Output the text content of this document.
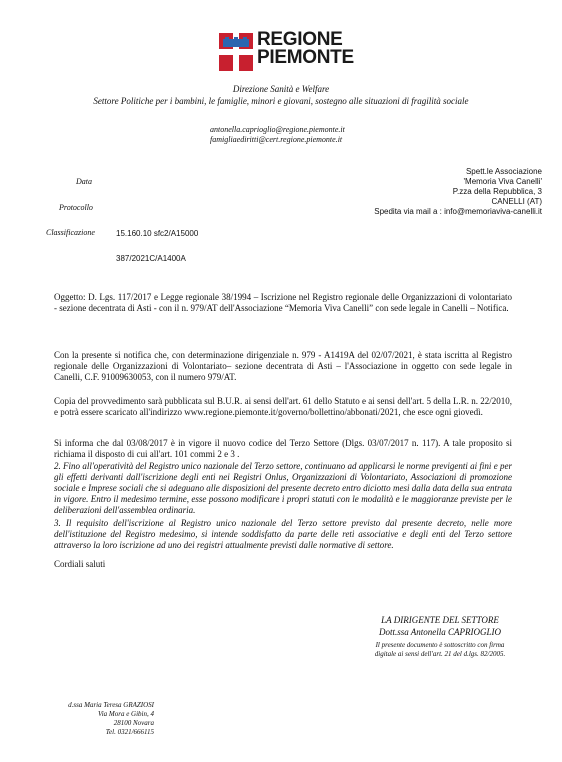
REGIONE
PIEMONTE
Direzione Sanità e Welfare
Settore Politiche per i bambini, le famiglie, minori e giovani, sostegno alle situazioni di fragilità sociale
antonella.caprioglio@regione.piemonte.it
famigliaediritti@cert.regione.piemonte.it
Data
Protocollo
Classificazione	15.160.10 sfc2/A15000
387/2021C/A1400A
Spett.le Associazione
'Memoria Viva Canelli'
P.zza della Repubblica, 3
CANELLI (AT)
Spedita via mail a : info@memoriaviva-canelli.it
Oggetto: D. Lgs. 117/2017 e Legge regionale 38/1994 – Iscrizione nel Registro regionale delle Organizzazioni di volontariato - sezione decentrata di Asti - con il n. 979/AT dell'Associazione “Memoria Viva Canelli” con sede legale in Canelli – Notifica.
Con la presente si notifica che, con determinazione dirigenziale n. 979 - A1419A del 02/07/2021, è stata iscritta al Registro regionale delle Organizzazioni di Volontariato– sezione decentrata di Asti – l'Associazione in oggetto con sede legale in Canelli, C.F. 91009630053, con il numero 979/AT.
Copia del provvedimento sarà pubblicata sul B.U.R. ai sensi dell'art. 61 dello Statuto e ai sensi dell'art. 5 della L.R. n. 22/2010, e potrà essere scaricato all'indirizzo www.regione.piemonte.it/governo/bollettino/abbonati/2021, che esce ogni giovedì.
Si informa che dal 03/08/2017 è in vigore il nuovo codice del Terzo Settore (Dlgs. 03/07/2017 n. 117). A tale proposito si richiama il disposto di cui all'art. 101 commi 2 e 3 .
2. Fino all'operatività del Registro unico nazionale del Terzo settore, continuano ad applicarsi le norme previgenti ai fini e per gli effetti derivanti dall'iscrizione degli enti nei Registri Onlus, Organizzazioni di Volontariato, Associazioni di promozione sociale e Imprese sociali che si adeguano alle disposizioni del presente decreto entro diciotto mesi dalla data della sua entrata in vigore. Entro il medesimo termine, esse possono modificare i propri statuti con le modalità e le maggioranze previste per le deliberazioni dell'assemblea ordinaria.
3. Il requisito dell'iscrizione al Registro unico nazionale del Terzo settore previsto dal presente decreto, nelle more dell'istituzione del Registro medesimo, si intende soddisfatto da parte delle reti associative e degli enti del Terzo settore attraverso la loro iscrizione ad uno dei registri attualmente previsti dalle normative di settore.
Cordiali saluti
LA DIRIGENTE DEL SETTORE
Dott.ssa Antonella CAPRIOGLIO
Il presente documento è sottoscritto con firma
digitale ai sensi dell'art. 21 del d.lgs. 82/2005.
d.ssa Maria Teresa GRAZIOSI
Via Mora e Gibin, 4
28100 Novara
Tel. 0321/666115
